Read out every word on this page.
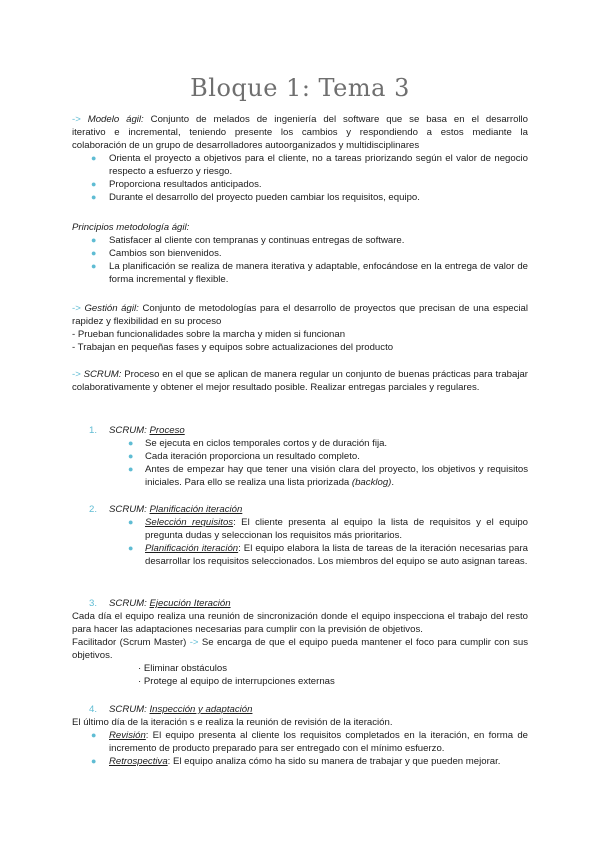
Bloque 1: Tema 3
-> Modelo ágil: Conjunto de melados de ingeniería del software que se basa en el desarrollo
iterativo e incremental, teniendo presente los cambios y respondiendo a estos mediante la
colaboración de un grupo de desarrolladores autoorganizados y multidisciplinares
● Orienta el proyecto a objetivos para el cliente, no a tareas priorizando según el valor de negocio respecto a esfuerzo y riesgo.
● Proporciona resultados anticipados.
● Durante el desarrollo del proyecto pueden cambiar los requisitos, equipo.
Principios metodología ágil:
● Satisfacer al cliente con tempranas y continuas entregas de software.
● Cambios son bienvenidos.
● La planificación se realiza de manera iterativa y adaptable, enfocándose en la entrega de valor de forma incremental y flexible.
-> Gestión ágil: Conjunto de metodologías para el desarrollo de proyectos que precisan de una especial rapidez y flexibilidad en su proceso
- Prueban funcionalidades sobre la marcha y miden si funcionan
- Trabajan en pequeñas fases y equipos sobre actualizaciones del producto
-> SCRUM: Proceso en el que se aplican de manera regular un conjunto de buenas prácticas para trabajar colaborativamente y obtener el mejor resultado posible. Realizar entregas parciales y regulares.
1. SCRUM: Proceso
● Se ejecuta en ciclos temporales cortos y de duración fija.
● Cada iteración proporciona un resultado completo.
● Antes de empezar hay que tener una visión clara del proyecto, los objetivos y requisitos iniciales. Para ello se realiza una lista priorizada (backlog).
2. SCRUM: Planificación iteración
● Selección requisitos: El cliente presenta al equipo la lista de requisitos y el equipo pregunta dudas y seleccionan los requisitos más prioritarios.
● Planificación iteración: El equipo elabora la lista de tareas de la iteración necesarias para desarrollar los requisitos seleccionados. Los miembros del equipo se auto asignan tareas.
3. SCRUM: Ejecución Iteración
Cada día el equipo realiza una reunión de sincronización donde el equipo inspecciona el trabajo del resto para hacer las adaptaciones necesarias para cumplir con la previsión de objetivos.
Facilitador (Scrum Master) -> Se encarga de que el equipo pueda mantener el foco para cumplir con sus objetivos.
· Eliminar obstáculos
· Protege al equipo de interrupciones externas
4. SCRUM: Inspección y adaptación
El último día de la iteración s e realiza la reunión de revisión de la iteración.
● Revisión: El equipo presenta al cliente los requisitos completados en la iteración, en forma de incremento de producto preparado para ser entregado con el mínimo esfuerzo.
● Retrospectiva: El equipo analiza cómo ha sido su manera de trabajar y que pueden mejorar.
